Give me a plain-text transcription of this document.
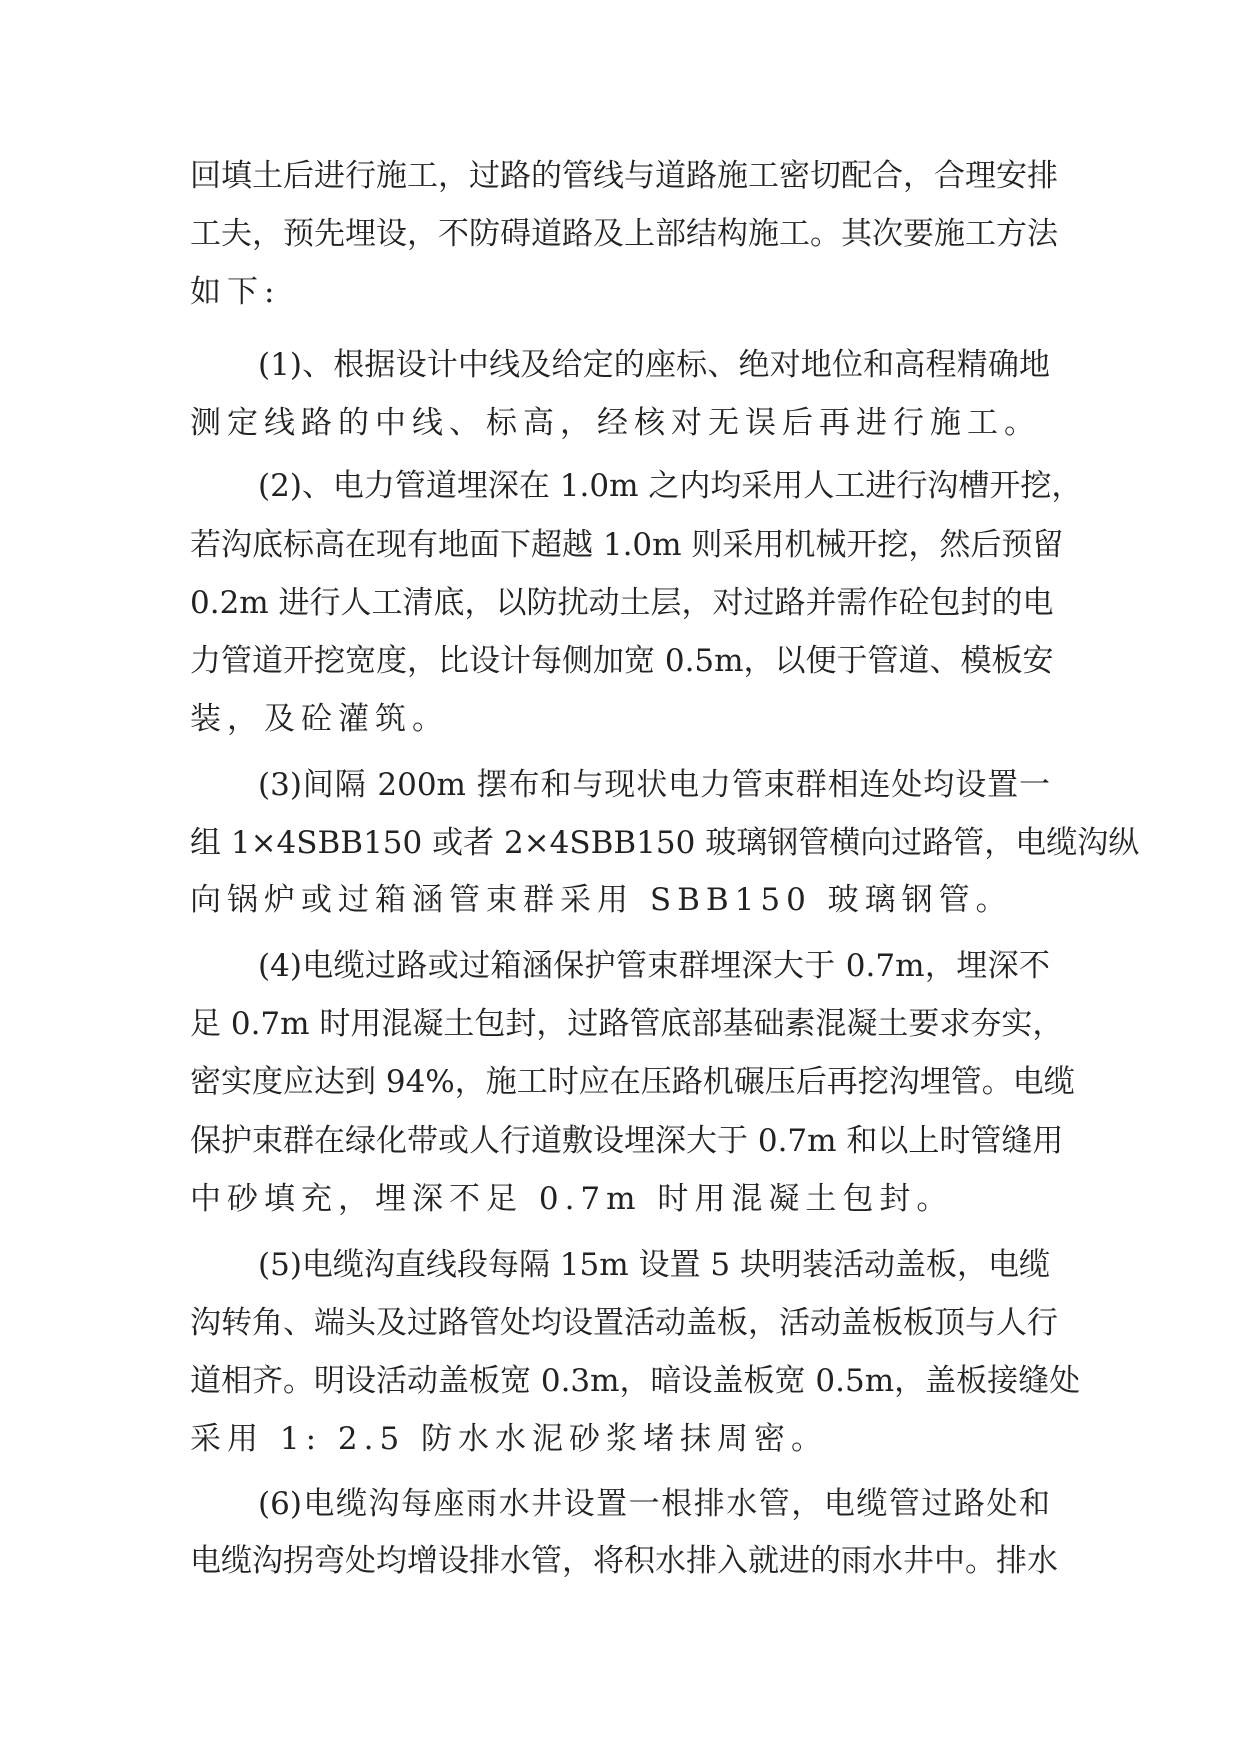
回填土后进行施工，过路的管线与道路施工密切配合，合理安排
工夫，预先埋设，不防碍道路及上部结构施工。其次要施工方法
如下:
(1)、根据设计中线及给定的座标、绝对地位和高程精确地
测定线路的中线、标高，经核对无误后再进行施工。
(2)、电力管道埋深在 1.0m 之内均采用人工进行沟槽开挖，
若沟底标高在现有地面下超越 1.0m 则采用机械开挖，然后预留
0.2m 进行人工清底，以防扰动土层，对过路并需作砼包封的电
力管道开挖宽度，比设计每侧加宽 0.5m，以便于管道、模板安
装，及砼灌筑。
(3)间隔 200m 摆布和与现状电力管束群相连处均设置一
组 1×4SBB150 或者 2×4SBB150 玻璃钢管横向过路管，电缆沟纵
向锅炉或过箱涵管束群采用 SBB150 玻璃钢管。
(4)电缆过路或过箱涵保护管束群埋深大于 0.7m，埋深不
足 0.7m 时用混凝土包封，过路管底部基础素混凝土要求夯实，
密实度应达到 94%，施工时应在压路机碾压后再挖沟埋管。电缆
保护束群在绿化带或人行道敷设埋深大于 0.7m 和以上时管缝用
中砂填充，埋深不足 0.7m 时用混凝土包封。
(5)电缆沟直线段每隔 15m 设置 5 块明装活动盖板，电缆
沟转角、端头及过路管处均设置活动盖板，活动盖板板顶与人行
道相齐。明设活动盖板宽 0.3m，暗设盖板宽 0.5m，盖板接缝处
采用 1: 2.5 防水水泥砂浆堵抹周密。
(6)电缆沟每座雨水井设置一根排水管，电缆管过路处和
电缆沟拐弯处均增设排水管，将积水排入就进的雨水井中。排水
